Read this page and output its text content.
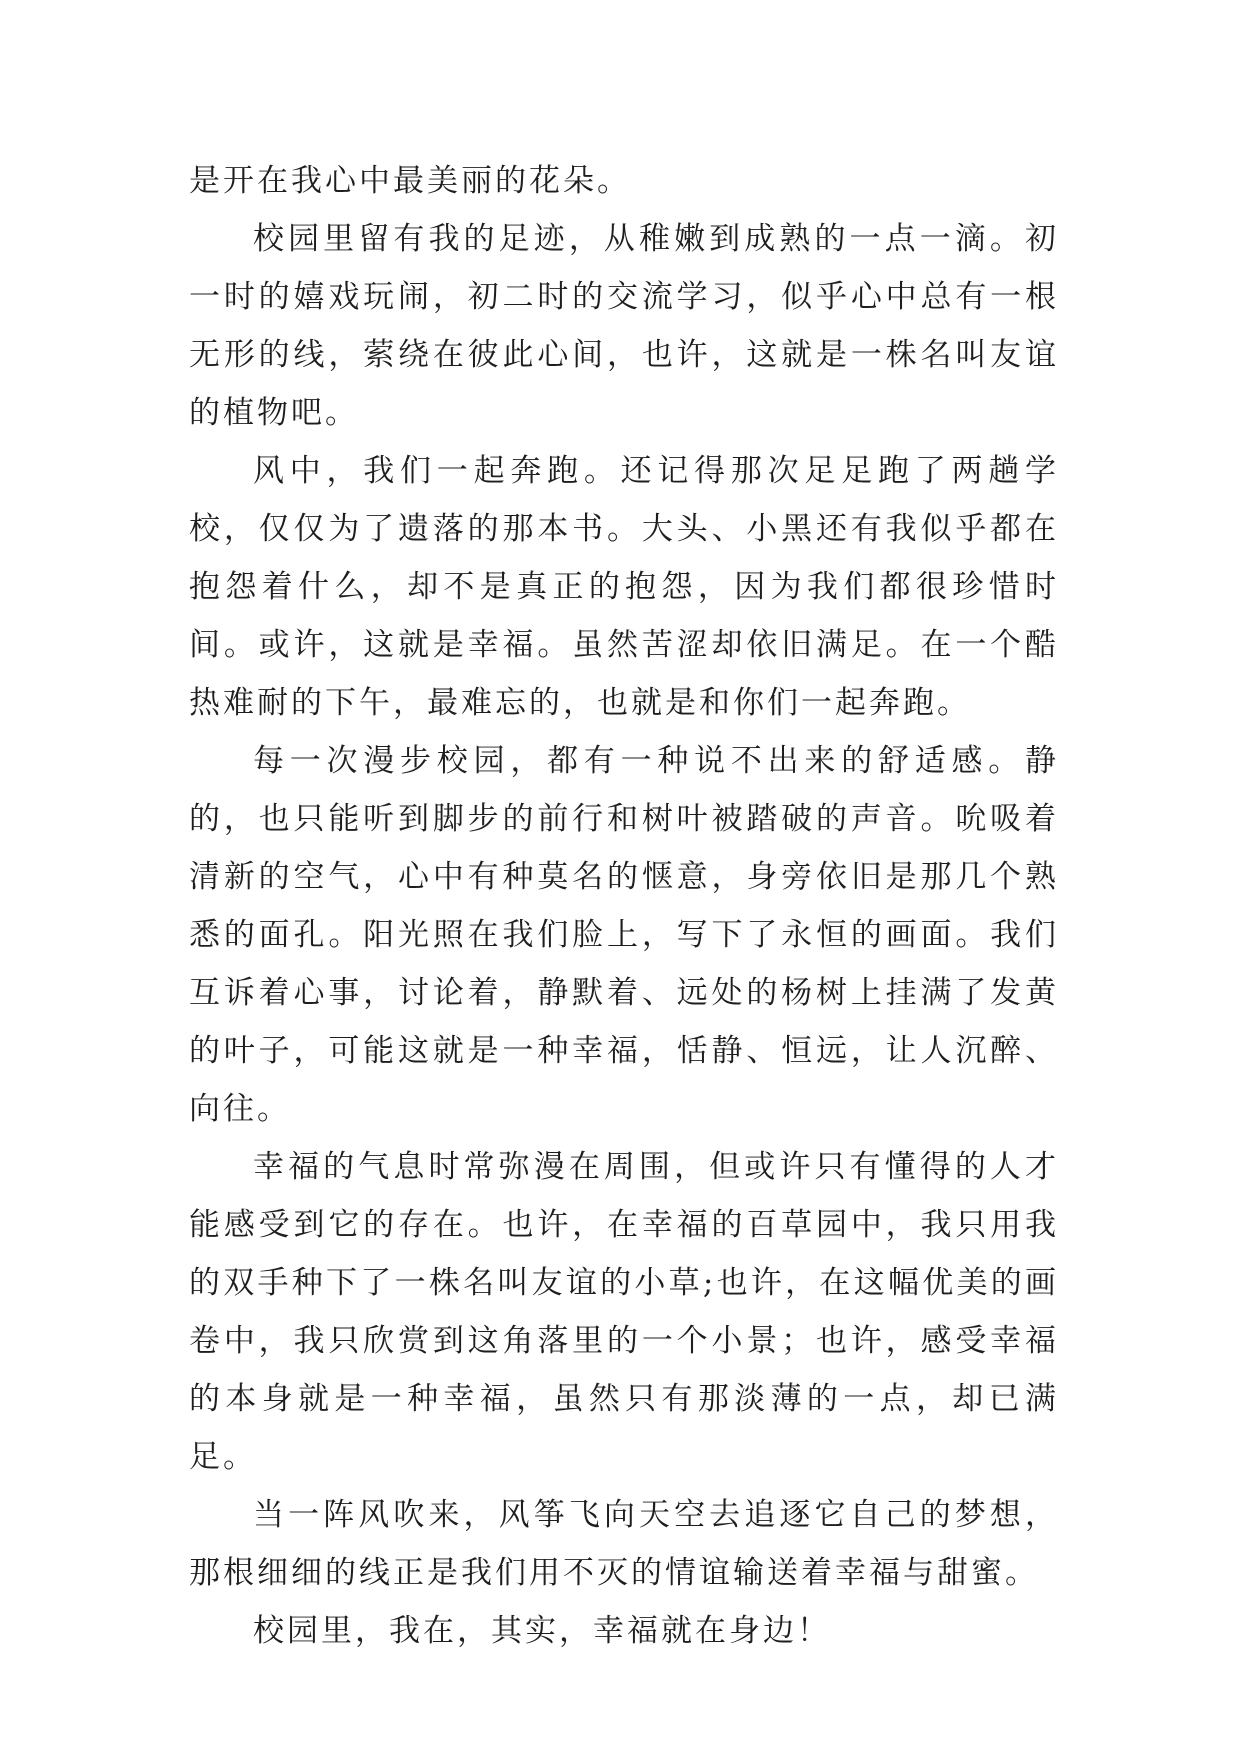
是开在我心中最美丽的花朵。

校园里留有我的足迹，从稚嫩到成熟的一点一滴。初一时的嬉戏玩闹，初二时的交流学习，似乎心中总有一根无形的线，萦绕在彼此心间，也许，这就是一株名叫友谊的植物吧。

风中，我们一起奔跑。还记得那次足足跑了两趟学校，仅仅为了遗落的那本书。大头、小黑还有我似乎都在抱怨着什么，却不是真正的抱怨，因为我们都很珍惜时间。或许，这就是幸福。虽然苦涩却依旧满足。在一个酷热难耐的下午，最难忘的，也就是和你们一起奔跑。

每一次漫步校园，都有一种说不出来的舒适感。静的，也只能听到脚步的前行和树叶被踏破的声音。吮吸着清新的空气，心中有种莫名的惬意，身旁依旧是那几个熟悉的面孔。阳光照在我们脸上，写下了永恒的画面。我们互诉着心事，讨论着，静默着、远处的杨树上挂满了发黄的叶子，可能这就是一种幸福，恬静、恒远，让人沉醉、向往。

幸福的气息时常弥漫在周围，但或许只有懂得的人才能感受到它的存在。也许，在幸福的百草园中，我只用我的双手种下了一株名叫友谊的小草;也许，在这幅优美的画卷中，我只欣赏到这角落里的一个小景；也许，感受幸福的本身就是一种幸福，虽然只有那淡薄的一点，却已满足。

当一阵风吹来，风筝飞向天空去追逐它自己的梦想，那根细细的线正是我们用不灭的情谊输送着幸福与甜蜜。

校园里，我在，其实，幸福就在身边！
